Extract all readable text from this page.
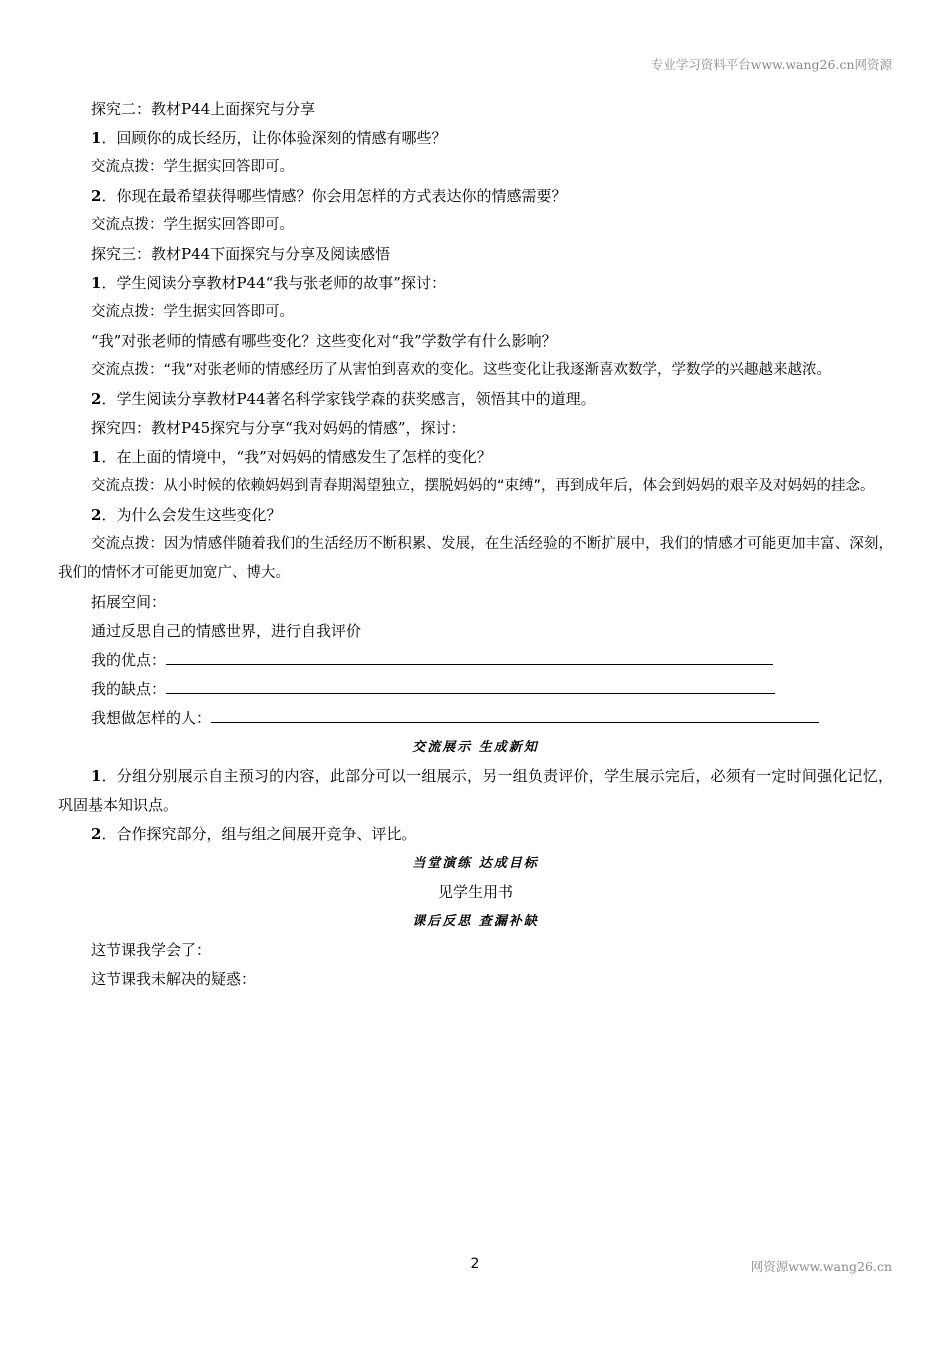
专业学习资料平台www.wang26.cn网资源
探究二：教材P44上面探究与分享
1．回顾你的成长经历，让你体验深刻的情感有哪些？
交流点拨：学生据实回答即可。
2．你现在最希望获得哪些情感？你会用怎样的方式表达你的情感需要？
交流点拨：学生据实回答即可。
探究三：教材P44下面探究与分享及阅读感悟
1．学生阅读分享教材P44“我与张老师的故事”探讨：
交流点拨：学生据实回答即可。
“我”对张老师的情感有哪些变化？这些变化对“我”学数学有什么影响？
交流点拨：“我”对张老师的情感经历了从害怕到喜欢的变化。这些变化让我逐渐喜欢数学，学数学的兴趣越来越浓。
2．学生阅读分享教材P44著名科学家钱学森的获奖感言，领悟其中的道理。
探究四：教材P45探究与分享“我对妈妈的情感”，探讨：
1．在上面的情境中，“我”对妈妈的情感发生了怎样的变化？
交流点拨：从小时候的依赖妈妈到青春期渴望独立，摆脱妈妈的“束缚”，再到成年后，体会到妈妈的艰辛及对妈妈的挂念。
2．为什么会发生这些变化？
交流点拨：因为情感伴随着我们的生活经历不断积累、发展，在生活经验的不断扩展中，我们的情感才可能更加丰富、深刻，我们的情怀才可能更加宽广、博大。
拓展空间：
通过反思自己的情感世界，进行自我评价
我的优点：
我的缺点：
我想做怎样的人：
交流展示 生成新知
1．分组分别展示自主预习的内容，此部分可以一组展示，另一组负责评价，学生展示完后，必须有一定时间强化记忆，巩固基本知识点。
2．合作探究部分，组与组之间展开竞争、评比。
当堂演练 达成目标
见学生用书
课后反思 查漏补缺
这节课我学会了：
这节课我未解决的疑惑：
2	网资源www.wang26.cn
